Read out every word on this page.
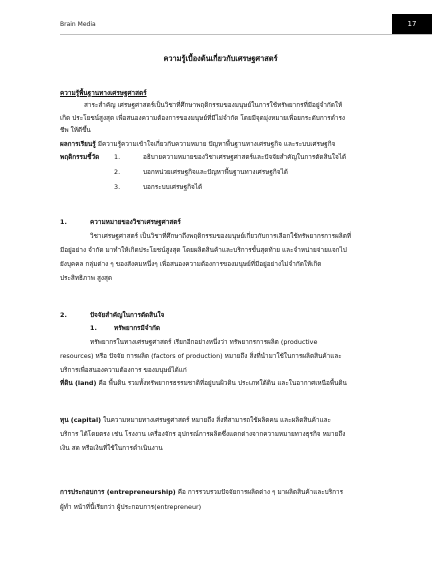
Brain Media	17
ความรู้เบื้องต้นเกี่ยวกับเศรษฐศาสตร์
ความรู้พื้นฐานทางเศรษฐศาสตร์
สาระสำคัญ เศรษฐศาสตร์เป็นวิชาที่ศึกษาพฤติกรรมของมนุษย์ในการใช้ทรัพยากรที่มีอยู่จำกัดให้
เกิด ประโยชน์สูงสุด เพื่อสนองความต้องการของมนุษย์ที่มีไม่จำกัด โดยมีจุดมุ่งหมายเพื่อยกระดับการดำรง
ชีพ ให้ดีขึ้น
ผลการเรียนรู้ มีความรู้ความเข้าใจเกี่ยวกับความหมาย ปัญหาพื้นฐานทางเศรษฐกิจ และระบบเศรษฐกิจ
พฤติกรรมชี้วัด 1.	อธิบายความหมายของวิชาเศรษฐศาสตร์และปัจจัยสำคัญในการตัดสินใจได้
2.	บอกหน่วยเศรษฐกิจและปัญหาพื้นฐานทางเศรษฐกิจได้
3.	บอกระบบเศรษฐกิจได้
1.	ความหมายของวิชาเศรษฐศาสตร์
วิชาเศรษฐศาสตร์ เป็นวิชาที่ศึกษาถึงพฤติกรรมของมนุษย์เกี่ยวกับการเลือกใช้ทรัพยากรการผลิตที่
มีอยู่อย่าง จำกัด มาทำให้เกิดประโยชน์สูงสุด โดยผลิตสินค้าและบริการขั้นสุดท้าย และจำหน่ายจ่ายแจกไป
ยังบุคคล กลุ่มต่าง ๆ ของสังคมหนึ่งๆ เพื่อสนองความต้องการของมนุษย์ที่มีอยู่อย่างไม่จำกัดให้เกิด
ประสิทธิภาพ สูงสุด
2.	ปัจจัยสำคัญในการตัดสินใจ
1.	ทรัพยากรมีจำกัด
ทรัพยากรในทางเศรษฐศาสตร์ เรียกอีกอย่างหนึ่งว่า ทรัพยากรการผลิต (productive
resources) หรือ ปัจจัย การผลิต (factors of production) หมายถึง สิ่งที่นำมาใช้ในการผลิตสินค้าและ
บริการเพื่อสนองความต้องการ ของมนุษย์ได้แก่
ที่ดิน (land) คือ พื้นดิน รวมทั้งทรัพยากรธรรมชาติที่อยู่บนผิวดิน ประเภทใต้ดิน และในอากาศเหนือพื้นดิน
ทุน (capital) ในความหมายทางเศรษฐศาสตร์ หมายถึง สิ่งที่สามารถใช้ผลิตคน และผลิตสินค้าและ
บริการ ได้โดยตรง เช่น โรงงาน เครื่องจักร อุปกรณ์การผลิตซึ่งแตกต่างจากความหมายทางธุรกิจ หมายถึง
เงิน สด หรือเงินที่ใช้ในการดำเนินงาน
การประกอบการ (entrepreneurship) คือ การรวบรวมปัจจัยการผลิตต่าง ๆ มาผลิตสินค้าและบริการ
ผู้ทำ หน้าที่นี้เรียกว่า ผู้ประกอบการ(entrepreneur)
